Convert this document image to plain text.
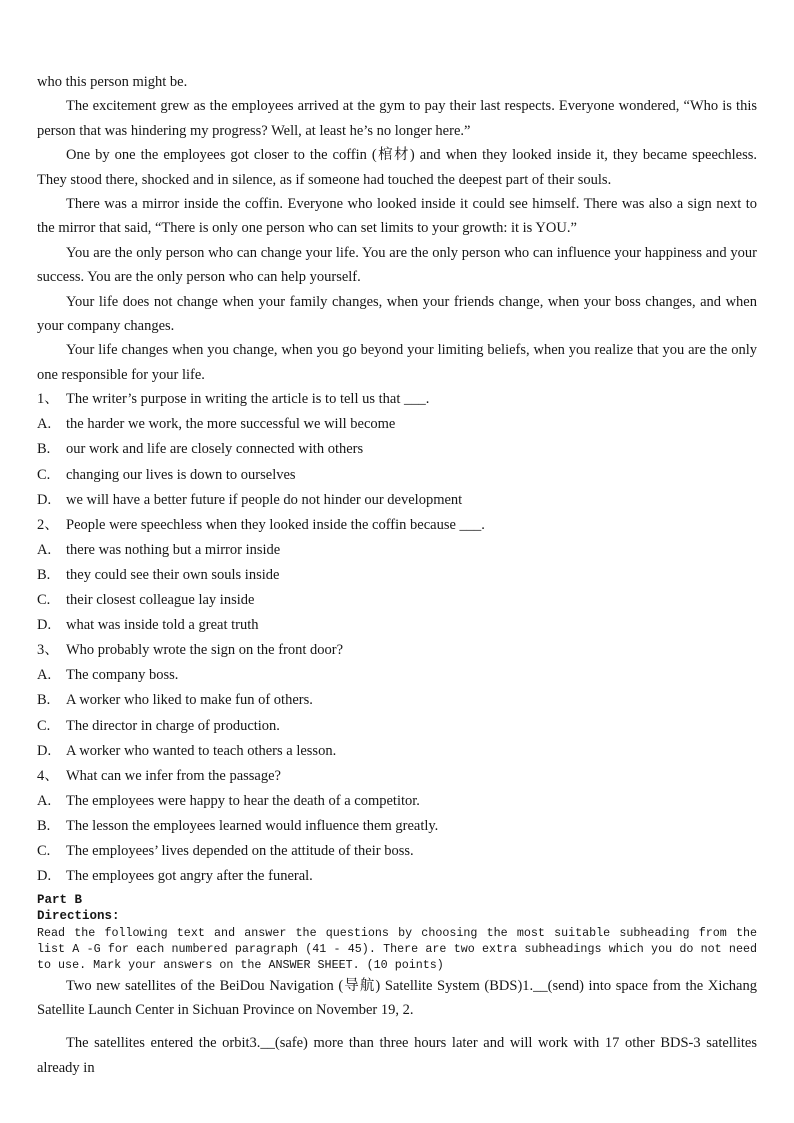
who this person might be.

The excitement grew as the employees arrived at the gym to pay their last respects. Everyone wondered, “Who is this person that was hindering my progress? Well, at least he’s no longer here.”

One by one the employees got closer to the coffin (棺材) and when they looked inside it, they became speechless. They stood there, shocked and in silence, as if someone had touched the deepest part of their souls.

There was a mirror inside the coffin. Everyone who looked inside it could see himself. There was also a sign next to the mirror that said, “There is only one person who can set limits to your growth: it is YOU.”

You are the only person who can change your life. You are the only person who can influence your happiness and your success. You are the only person who can help yourself.

Your life does not change when your family changes, when your friends change, when your boss changes, and when your company changes.

Your life changes when you change, when you go beyond your limiting beliefs, when you realize that you are the only one responsible for your life.

1、 The writer’s purpose in writing the article is to tell us that ___.

A. the harder we work, the more successful we will become

B. our work and life are closely connected with others

C. changing our lives is down to ourselves

D. we will have a better future if people do not hinder our development

2、 People were speechless when they looked inside the coffin because ___.

A. there was nothing but a mirror inside

B. they could see their own souls inside

C. their closest colleague lay inside

D. what was inside told a great truth

3、 Who probably wrote the sign on the front door?

A. The company boss.

B. A worker who liked to make fun of others.

C. The director in charge of production.

D. A worker who wanted to teach others a lesson.

4、 What can we infer from the passage?

A. The employees were happy to hear the death of a competitor.

B. The lesson the employees learned would influence them greatly.

C. The employees’ lives depended on the attitude of their boss.

D. The employees got angry after the funeral.

Part B

Directions:

Read the following text and answer the questions by choosing the most suitable subheading from the list A -G for each numbered paragraph (41 - 45). There are two extra subheadings which you do not need to use. Mark your answers on the ANSWER SHEET. (10 points)

Two new satellites of the BeiDou Navigation (导航) Satellite System (BDS)1.__(send) into space from the Xichang Satellite Launch Center in Sichuan Province on November 19, 2.

The satellites entered the orbit3.__(safe) more than three hours later and will work with 17 other BDS-3 satellites already in
